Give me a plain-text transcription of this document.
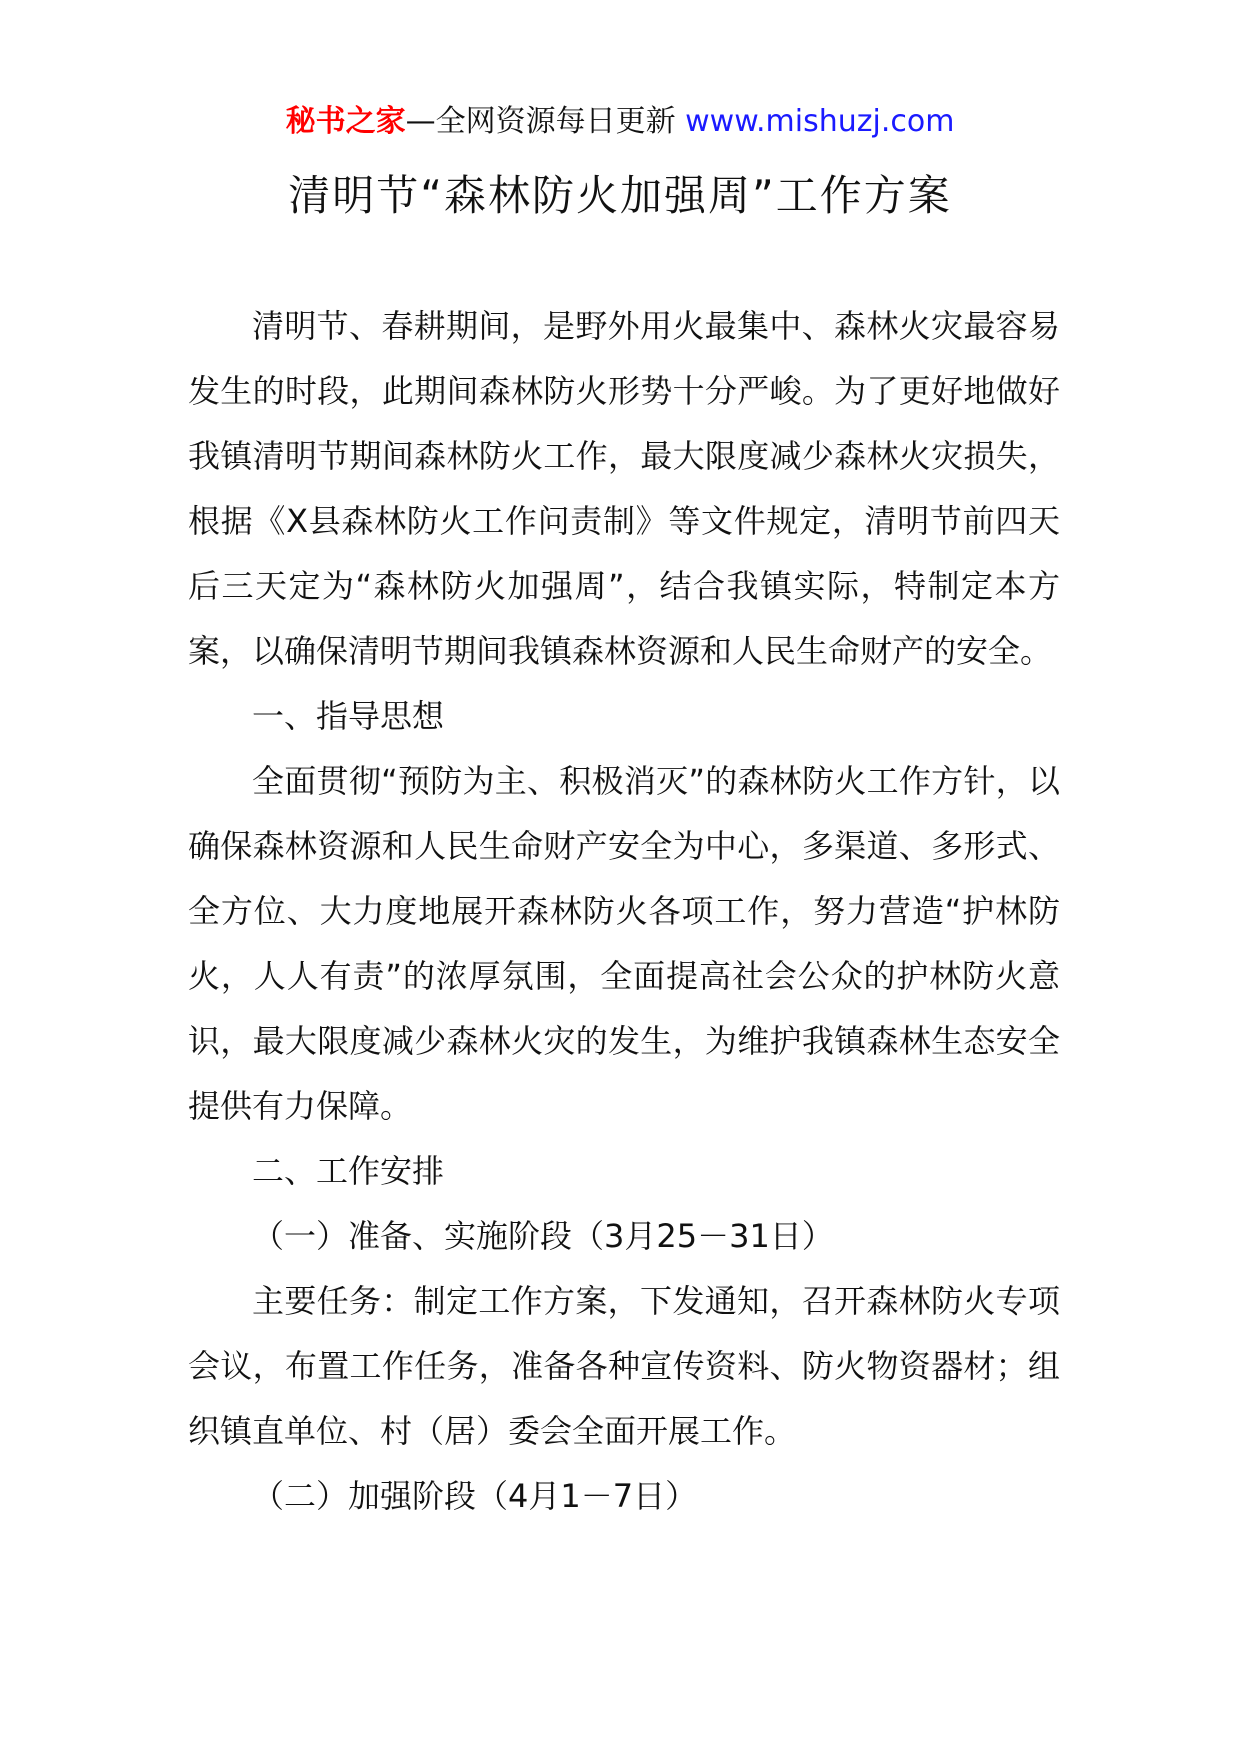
秘书之家—全网资源每日更新 www.mishuzj.com
清明节“森林防火加强周”工作方案

清明节、春耕期间，是野外用火最集中、森林火灾最容易发生的时段，此期间森林防火形势十分严峻。为了更好地做好我镇清明节期间森林防火工作，最大限度减少森林火灾损失，根据《X县森林防火工作问责制》等文件规定，清明节前四天后三天定为“森林防火加强周”，结合我镇实际，特制定本方案，以确保清明节期间我镇森林资源和人民生命财产的安全。

一、指导思想

全面贯彻“预防为主、积极消灭”的森林防火工作方针，以确保森林资源和人民生命财产安全为中心，多渠道、多形式、全方位、大力度地展开森林防火各项工作，努力营造“护林防火，人人有责”的浓厚氛围，全面提高社会公众的护林防火意识，最大限度减少森林火灾的发生，为维护我镇森林生态安全提供有力保障。

二、工作安排

（一）准备、实施阶段（3月25－31日）

主要任务：制定工作方案，下发通知，召开森林防火专项会议，布置工作任务，准备各种宣传资料、防火物资器材；组织镇直单位、村（居）委会全面开展工作。

（二）加强阶段（4月1－7日）
